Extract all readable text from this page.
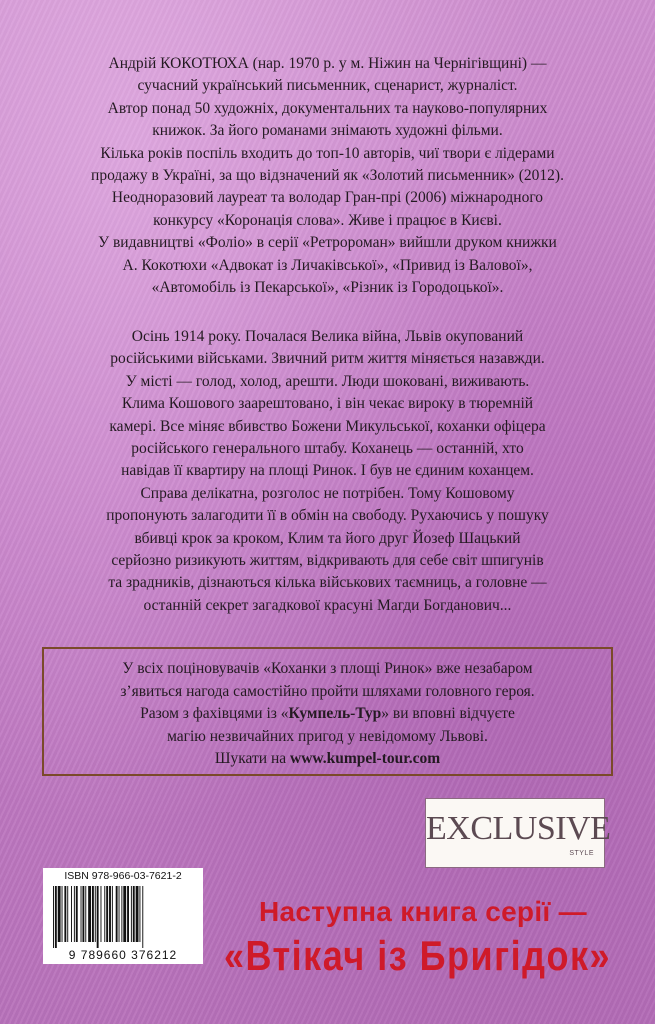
Андрій КОКОТЮХА (нар. 1970 р. у м. Ніжин на Чернігівщині) —
сучасний український письменник, сценарист, журналіст.
Автор понад 50 художніх, документальних та науково-популярних
книжок. За його романами знімають художні фільми.
Кілька років поспіль входить до топ-10 авторів, чиї твори є лідерами
продажу в Україні, за що відзначений як «Золотий письменник» (2012).
Неодноразовий лауреат та володар Гран-прі (2006) міжнародного
конкурсу «Коронація слова». Живе і працює в Києві.
У видавництві «Фоліо» в серії «Ретророман» вийшли друком книжки
А. Кокотюхи «Адвокат із Личаківської», «Привид із Валової»,
«Автомобіль із Пекарської», «Різник із Городоцької».
Осінь 1914 року. Почалася Велика війна, Львів окупований
російськими військами. Звичний ритм життя міняється назавжди.
У місті — голод, холод, арешти. Люди шоковані, виживають.
Клима Кошового заарештовано, і він чекає вироку в тюремній
камері. Все міняє вбивство Божени Микульської, коханки офіцера
російського генерального штабу. Коханець — останній, хто
навідав її квартиру на площі Ринок. І був не єдиним коханцем.
Справа делікатна, розголос не потрібен. Тому Кошовому
пропонують залагодити її в обмін на свободу. Рухаючись у пошуку
вбивці крок за кроком, Клим та його друг Йозеф Шацький
серйозно ризикують життям, відкривають для себе світ шпигунів
та зрадників, дізнаються кілька військових таємниць, а головне —
останній секрет загадкової красуні Магди Богданович...
У всіх поціновувачів «Коханки з площі Ринок» вже незабаром
з’явиться нагода самостійно пройти шляхами головного героя.
Разом з фахівцями із «Кумпель-Тур» ви вповні відчуєте
магію незвичайних пригод у невідомому Львові.
Шукати на www.kumpel-tour.com
EXCLUSIVE
STYLE
ISBN 978-966-03-7621-2
9 789660 376212
Наступна книга серії —
«Втікач із Бригідок»
